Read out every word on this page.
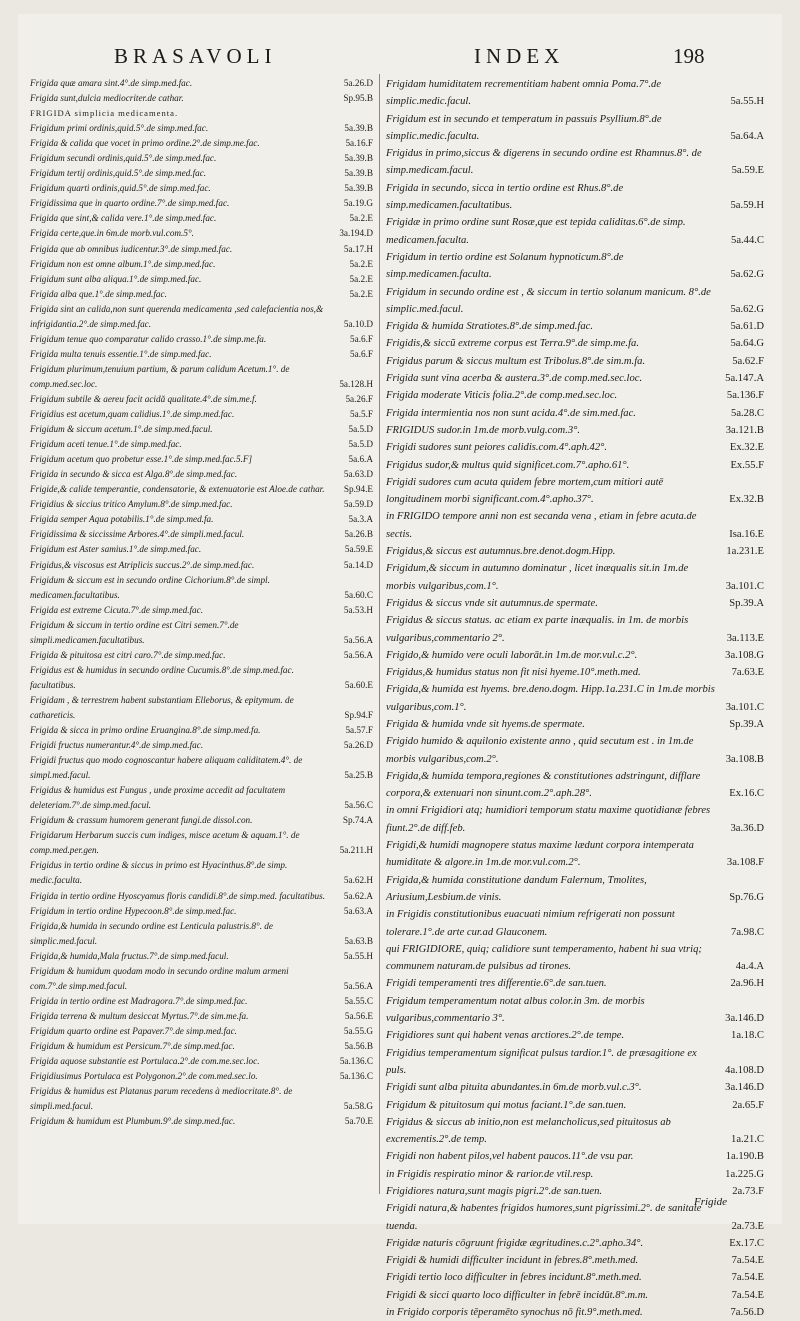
BRASAVOLI	INDEX	198
Frigida quæ amara sint.4°.de simp.med.fac.	5a.26.D
Frigida sunt,dulcia mediocriter.de cathar.	Sp.95.B
FRIGIDA simplicia medicamenta.
Frigidum primi ordinis,quid.5°.de simp.med.fac.	5a.39.B
Frigida & calida que vocet in primo ordine.2°.de simp.me.fac.	5a.16.F
Frigidum secundi ordinis,quid.5°.de simp.med.fac.	5a.39.B
Frigidum tertij ordinis,quid.5°.de simp.med.fac.	5a.39.B
Frigidum quarti ordinis,quid.5°.de simp.med.fac.	5a.39.B
Frigidissima que in quarto ordine.7°.de simp.med.fac.	5a.19.G
Frigida que sint,& calida vere.1°.de simp.med.fac.	5a.2.E
Frigida certe,que.in 6m.de morb.vul.com.5°.	3a.194.D
Frigida que ab omnibus iudicentur.3°.de simp.med.fac.	5a.17.H
Frigidum non est omne album.1°.de simp.med.fac.	5a.2.E
Frigidum sunt alba aliqua.1°.de simp.med.fac.	5a.2.E
Frigida alba que.1°.de simp.med.fac.	5a.2.E
Frigida sint an calida,non sunt querenda medicamenta ,sed calefacientia nos,& infrigidantia.2°.de simp.med.fac.	5a.10.D
Frigidum tenue quo comparatur calido crasso.1°.de simp.me.fa.	5a.6.F
Frigida multa tenuis essentie.1°.de simp.med.fac.	5a.6.F
Frigidum plurimum,tenuium partium, & parum calidum Acetum.1°. de comp.med.sec.loc.	5a.128.H
Frigidum subtile & aereu facit acidă qualitate.4°.de sim.me.f.	5a.26.F
Frigidius est acetum,quam calidius.1°.de simp.med.fac.	5a.5.F
Frigidum & siccum acetum.1°.de simp.med.facul.	5a.5.D
Frigidum aceti tenue.1°.de simp.med.fac.	5a.5.D
Frigidum acetum quo probetur esse.1°.de simp.med.fac.5.F]	5a.6.A
Frigida in secundo & sicca est Alga.8°.de simp.med.fac.	5a.63.D
Frigide,& calide temperantie, condensatorie, & extenuatorie est Aloe.de cathar.	Sp.94.E
Frigidius & siccius tritico Amylum.8°.de simp.med.fac.	5a.59.D
Frigida semper Aqua potabilis.1°.de simp.med.fa.	5a.3.A
Frigidissima & siccissime Arbores.4°.de simpli.med.facul.	5a.26.B
Frigidum est Aster samius.1°.de simp.med.fac.	5a.59.E
Frigidus,& viscosus est Atriplicis succus.2°.de simp.med.fac.	5a.14.D
Frigidum & siccum est in secundo ordine Cichorium.8°.de simpl. medicamen.facultatibus.	5a.60.C
Frigida est extreme Cicuta.7°.de simp.med.fac.	5a.53.H
Frigidum & siccum in tertio ordine est Citri semen.7°.de simpli.medicamen.facultatibus.	5a.56.A
Frigida & pituitosa est citri caro.7°.de simp.med.fac.	5a.56.A
Frigidus est & humidus in secundo ordine Cucumis.8°.de simp.med.fac. facultatibus.	5a.60.E
Frigidam , & terrestrem habent substantiam Elleborus, & epitymum. de cathareticis.	Sp.94.F
Frigida & sicca in primo ordine Eruangina.8°.de simp.med.fa.	5a.57.F
Frigidi fructus numerantur.4°.de simp.med.fac.	5a.26.D
Frigidi fructus quo modo cognoscantur habere aliquam caliditatem.4°. de simpl.med.facul.	5a.25.B
Frigidus & humidus est Fungus , unde proxime accedit ad facultatem deleteriam.7°.de simp.med.facul.	5a.56.C
Frigidum & crassum humorem generant fungi.de dissol.con.	Sp.74.A
Frigidarum Herbarum succis cum indiges, misce acetum & aquam.1°. de comp.med.per.gen.	5a.211.H
Frigidus in tertio ordine & siccus in primo est Hyacinthus.8°.de simp. medic.faculta.	5a.62.H
Frigida in tertio ordine Hyoscyamus floris candidi.8°.de simp.med. facultatibus.	5a.62.A
Frigidum in tertio ordine Hypecoon.8°.de simp.med.fac.	5a.63.A
Frigida,& humida in secundo ordine est Lenticula palustris.8°. de simplic.med.facul.	5a.63.B
Frigida,& humida,Mala fructus.7°.de simp.med.facul.	5a.55.H
Frigidum & humidum quodam modo in secundo ordine malum armeni com.7°.de simp.med.facul.	5a.56.A
Frigida in tertio ordine est Madragora.7°.de simp.med.fac.	5a.55.C
Frigida terrena & multum desiccat Myrtus.7°.de sim.me.fa.	5a.56.E
Frigidum quarto ordine est Papaver.7°.de simp.med.fac.	5a.55.G
Frigidum & humidum est Persicum.7°.de simp.med.fac.	5a.56.B
Frigida aquose substantie est Portulaca.2°.de com.me.sec.loc.	5a.136.C
Frigidiusimus Portulaca est Polygonon.2°.de com.med.sec.lo.	5a.136.C
Frigidus & humidus est Platanus parum recedens à mediocritate.8°. de simpli.med.facul.	5a.58.G
Frigidum & humidum est Plumbum.9°.de simp.med.fac.	5a.70.E
Frigidam humiditatem recrementitiam habent omnia Poma.7°.de simplic.medic.facul.	5a.55.H
Frigidum est in secundo et temperatum in passuis Psyllium.8°.de simplic.medic.faculta.	5a.64.A
Frigidus in primo,siccus & digerens in secundo ordine est Rhamnus.8°. de simp.medicam.facul.	5a.59.E
Frigida in secundo, sicca in tertio ordine est Rhus.8°.de simp.medicamen.facultatibus.	5a.59.H
Frigidæ in primo ordine sunt Rosæ,que est tepida caliditas.6°.de simp. medicamen.faculta.	5a.44.C
Frigidum in tertio ordine est Solanum hypnoticum.8°.de simp.medicamen.faculta.	5a.62.G
Frigidum in secundo ordine est , & siccum in tertio solanum manicum. 8°.de simplic.med.facul.	5a.62.G
Frigida & humida Stratiotes.8°.de simp.med.fac.	5a.61.D
Frigidis,& siccũ extreme corpus est Terra.9°.de simp.me.fa.	5a.64.G
Frigidus parum & siccus multum est Tribolus.8°.de sim.m.fa.	5a.62.F
Frigida sunt vina acerba & austera.3°.de comp.med.sec.loc.	5a.147.A
Frigida moderate Viticis folia.2°.de comp.med.sec.loc.	5a.136.F
Frigida intermientia nos non sunt acida.4°.de sim.med.fac.	5a.28.C
FRIGIDUS sudor.in 1m.de morb.vulg.com.3°.	3a.121.B
Frigidi sudores sunt peiores calidis.com.4°.aph.42°.	Ex.32.E
Frigidus sudor,& multus quid significet.com.7°.apho.61°.	Ex.55.F
Frigidi sudores cum acuta quidem febre mortem,cum mitiori autē longitudinem morbi significant.com.4°.apho.37°.	Ex.32.B
in FRIGIDO tempore anni non est secanda vena , etiam in febre acuta.de sectis.	Isa.16.E
Frigidus,& siccus est autumnus.bre.denot.dogm.Hipp.	1a.231.E
Frigidum,& siccum in autumno dominatur , licet inæqualis sit.in 1m.de morbis vulgaribus,com.1°.	3a.101.C
Frigidus & siccus vnde sit autumnus.de spermate.	Sp.39.A
Frigidus & siccus status. ac etiam ex parte inæqualis. in 1m. de morbis vulgaribus,commentario 2°.	3a.113.E
Frigido,& humido vere oculi laborāt.in 1m.de mor.vul.c.2°.	3a.108.G
Frigidus,& humidus status non fit nisi hyeme.10°.meth.med.	7a.63.E
Frigida,& humida est hyems. bre.deno.dogm. Hipp.1a.231.C in 1m.de morbis vulgaribus,com.1°.	3a.101.C
Frigida & humida vnde sit hyems.de spermate.	Sp.39.A
Frigido humido & aquilonio existente anno , quid secutum est . in 1m.de morbis vulgaribus,com.2°.	3a.108.B
Frigida,& humida tempora,regiones & constitutiones adstringunt, difflare corpora,& extenuari non sinunt.com.2°.aph.28°.	Ex.16.C
in omni Frigidiori atq; humidiori temporum statu maxime quotidianæ febres fiunt.2°.de diff.feb.	3a.36.D
Frigidi,& humidi magnopere status maxime lædunt corpora intemperata humiditate & algore.in 1m.de mor.vul.com.2°.	3a.108.F
Frigida,& humida constitutione dandum Falernum, Tmolites, Ariusium,Lesbium.de vinis.	Sp.76.G
in Frigidis constitutionibus euacuati nimium refrigerati non possunt tolerare.1°.de arte cur.ad Glauconem.	7a.98.C
qui FRIGIDIORE, quiq; calidiore sunt temperamento, habent hi sua vtriq; communem naturam.de pulsibus ad tirones.	4a.4.A
Frigidi temperamenti tres differentie.6°.de san.tuen.	2a.96.H
Frigidum temperamentum notat albus color.in 3m. de morbis vulgaribus,commentario 3°.	3a.146.D
Frigidiores sunt qui habent venas arctiores.2°.de tempe.	1a.18.C
Frigidius temperamentum significat pulsus tardior.1°. de præsagitione ex puls.	4a.108.D
Frigidi sunt alba pituita abundantes.in 6m.de morb.vul.c.3°.	3a.146.D
Frigidum & pituitosum qui motus faciant.1°.de san.tuen.	2a.65.F
Frigidus & siccus ab initio,non est melancholicus,sed pituitosus ab excrementis.2°.de temp.	1a.21.C
Frigidi non habent pilos,vel habent paucos.11°.de vsu par.	1a.190.B
in Frigidis respiratio minor & rarior.de vtil.resp.	1a.225.G
Frigidiores natura,sunt magis pigri.2°.de san.tuen.	2a.73.F
Frigidi natura,& habentes frigidos humores,sunt pigrissimi.2°. de sanitate tuenda.	2a.73.E
Frigidæ naturis cōgruunt frigidæ ægritudines.c.2°.apho.34°.	Ex.17.C
Frigidi & humidi difficulter incidunt in febres.8°.meth.med.	7a.54.E
Frigidi tertio loco difficulter in febres incidunt.8°.meth.med.	7a.54.E
Frigidi & sicci quarto loco difficulter in febrē incidūt.8°.m.m.	7a.54.E
in Frigido corporis tēperamēto synochus nō fit.9°.meth.med.	7a.56.D
Frigide
